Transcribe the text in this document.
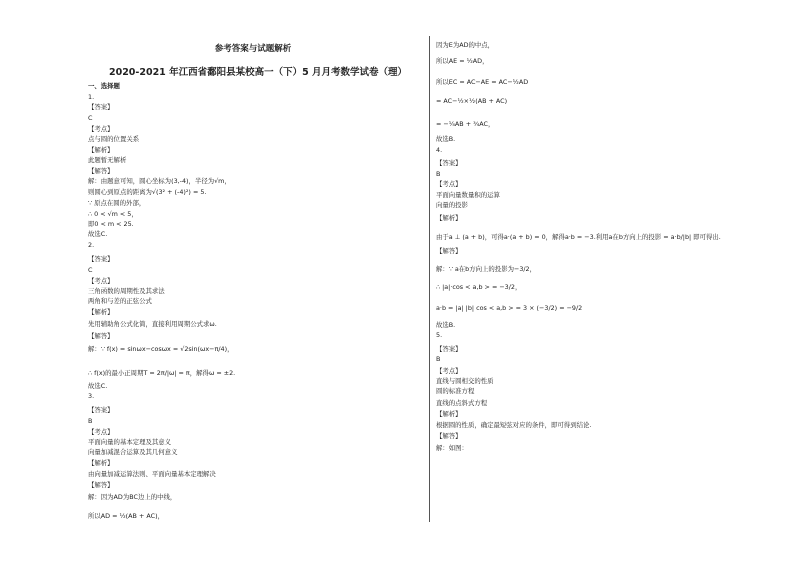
参考答案与试题解析
2020-2021 年江西省鄱阳县某校高一（下）5 月月考数学试卷（理）
一、选择题
1.
【答案】
C
【考点】
点与圆的位置关系
【解析】
此题暂无解析
【解答】
解：由题意可知，圆心坐标为(3,-4)，半径为√m，
则圆心到原点的距离为√(3² + (-4)²) = 5.
∵ 原点在圆的外部，
∴ 0 < √m < 5，
即0 < m < 25.
故选C.
2.
【答案】
C
【考点】
三角函数的周期性及其求法
两角和与差的正弦公式
【解析】
先用辅助角公式化简，直接利用周期公式求ω.
【解答】
解：∵ f(x) = sinωx−cosωx = √2sin(ωx−π/4)，
∴ f(x)的最小正周期T = 2π/|ω| = π，解得ω = ±2.
故选C.
3.
【答案】
B
【考点】
平面向量的基本定理及其意义
向量加减混合运算及其几何意义
【解析】
由向量加减运算法则、平面向量基本定理解决
【解答】
解：因为AD为BC边上的中线，
所以AD = ½(AB + AC)，
因为E为AD的中点，
所以AE = ½AD，
所以EC = AC−AE = AC−½AD
= AC−½×½(AB + AC)
= −¼AB + ¾AC，
故选B.
4.
【答案】
B
【考点】
平面向量数量积的运算
向量的投影
【解析】
由于a ⊥ (a + b)，可得a·(a + b) = 0，解得a·b = −3.利用a在b方向上的投影 = a·b/|b| 即可得出.
【解答】
解：∵ a在b方向上的投影为−3/2，
∴ |a|·cos < a,b > = −3/2，
a·b = |a| |b| cos < a,b > = 3 × (−3/2) = −9/2
故选B.
5.
【答案】
B
【考点】
直线与圆相交的性质
圆的标准方程
直线的点斜式方程
【解析】
根据圆的性质，确定最短弦对应的条件，即可得到结论.
【解答】
解：如图：
